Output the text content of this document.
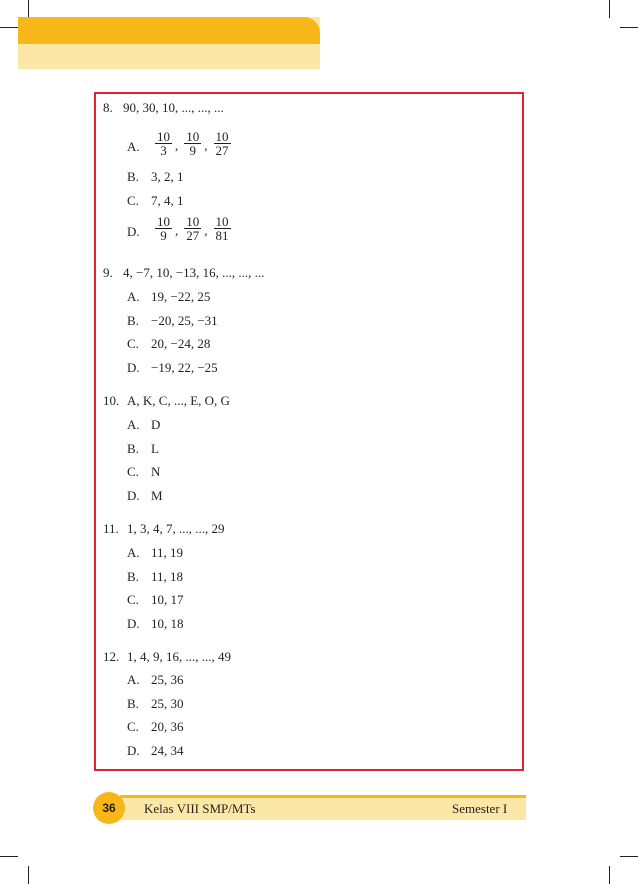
8. 90, 30, 10, ..., ..., ...
A. $\frac{10}{3}$ , $\frac{10}{9}$ , $\frac{10}{27}$
B. 3, 2, 1
C. 7, 4, 1
D. $\frac{10}{9}$ , $\frac{10}{27}$ , $\frac{10}{81}$
9. 4, −7, 10, −13, 16, ..., ..., ...
A. 19, −22, 25
B. −20, 25, −31
C. 20, −24, 28
D. −19, 22, −25
10. A, K, C, ..., E, O, G
A. D
B. L
C. N
D. M
11. 1, 3, 4, 7, ..., ..., 29
A. 11, 19
B. 11, 18
C. 10, 17
D. 10, 18
12. 1, 4, 9, 16, ..., ..., 49
A. 25, 36
B. 25, 30
C. 20, 36
D. 24, 34
36	Kelas VIII SMP/MTs	Semester I
